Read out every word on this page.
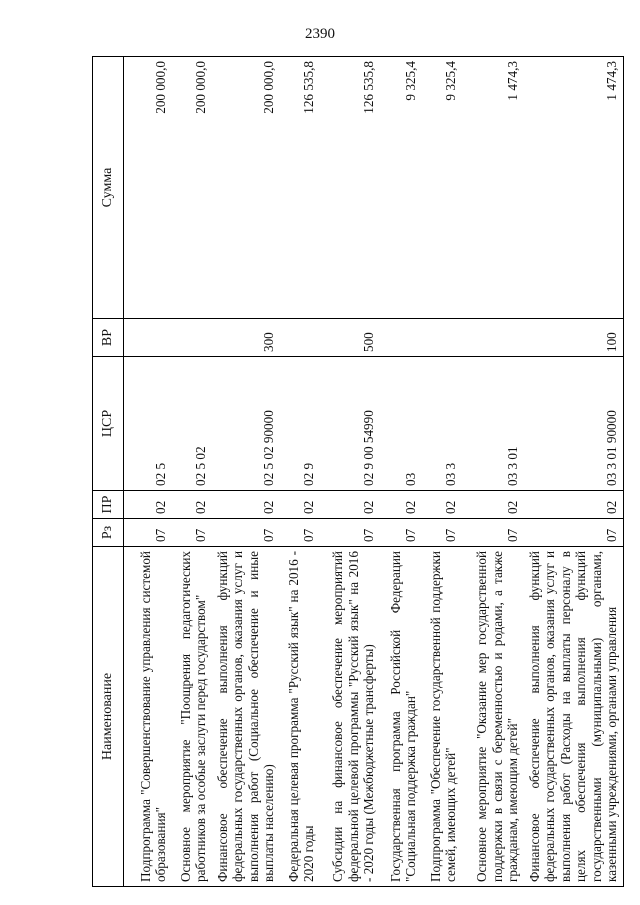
2390
Наименование	Рз	ПР	ЦСР	ВР	Сумма
Подпрограмма "Совершенствование управления системой образования"	07	02	02 5		200 000,0
Основное мероприятие "Поощрения педагогических работников за особые заслуги перед государством"	07	02	02 5 02		200 000,0
Финансовое обеспечение выполнения функций федеральных государственных органов, оказания услуг и выполнения работ (Социальное обеспечение и иные выплаты населению)	07	02	02 5 02 90000	300	200 000,0
Федеральная целевая программа "Русский язык" на 2016 - 2020 годы	07	02	02 9		126 535,8
Субсидии на финансовое обеспечение мероприятий федеральной целевой программы "Русский язык" на 2016 - 2020 годы (Межбюджетные трансферты)	07	02	02 9 00 54990	500	126 535,8
Государственная программа Российской Федерации "Социальная поддержка граждан"	07	02	03		9 325,4
Подпрограмма "Обеспечение государственной поддержки семей, имеющих детей"	07	02	03 3		9 325,4
Основное мероприятие "Оказание мер государственной поддержки в связи с беременностью и родами, а также гражданам, имеющим детей"	07	02	03 3 01		1 474,3
Финансовое обеспечение выполнения функций федеральных государственных органов, оказания услуг и выполнения работ (Расходы на выплаты персоналу в целях обеспечения выполнения функций государственными (муниципальными) органами, казенными учреждениями, органами управления	07	02	03 3 01 90000	100	1 474,3
